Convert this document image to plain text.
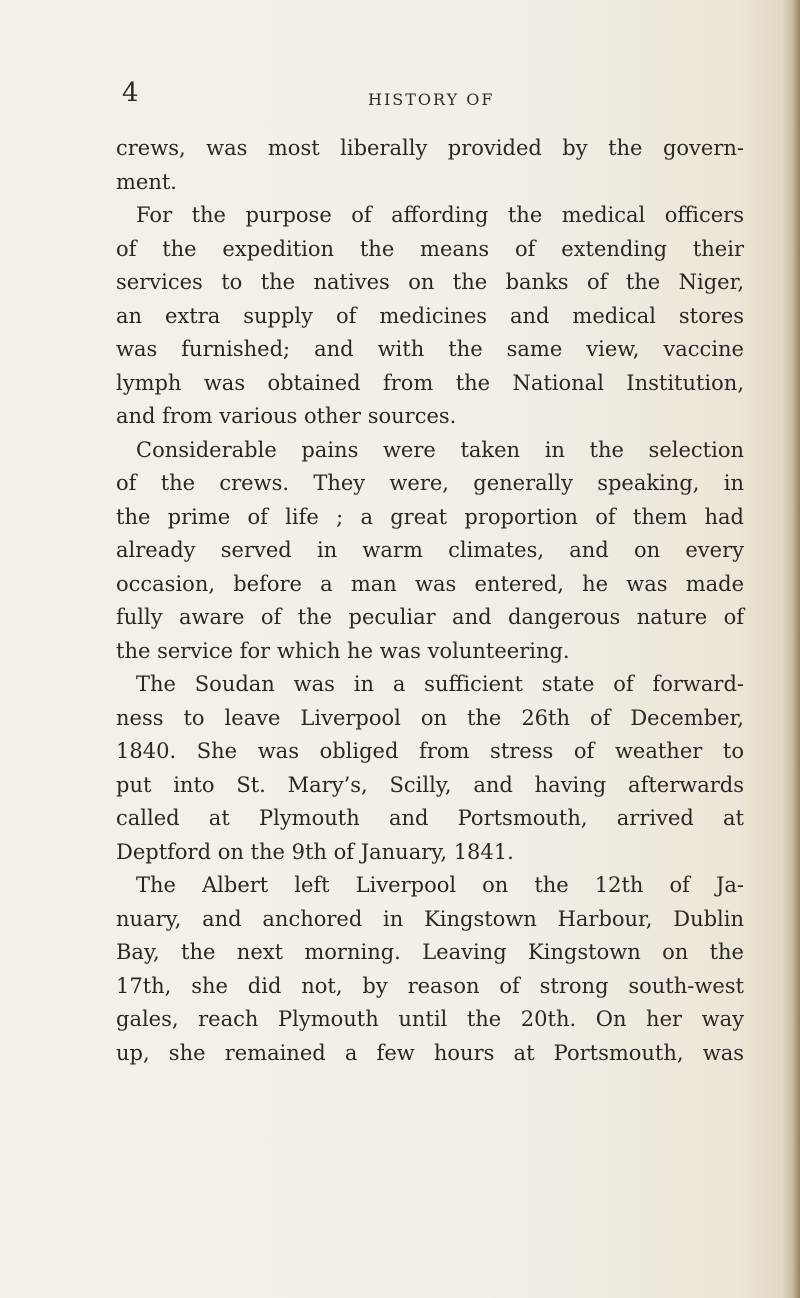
4	HISTORY OF
crews, was most liberally provided by the govern-
ment.
For the purpose of affording the medical officers
of the expedition the means of extending their
services to the natives on the banks of the Niger,
an extra supply of medicines and medical stores
was furnished; and with the same view, vaccine
lymph was obtained from the National Institution,
and from various other sources.
Considerable pains were taken in the selection
of the crews. They were, generally speaking, in
the prime of life ; a great proportion of them had
already served in warm climates, and on every
occasion, before a man was entered, he was made
fully aware of the peculiar and dangerous nature of
the service for which he was volunteering.
The Soudan was in a sufficient state of forward-
ness to leave Liverpool on the 26th of December,
1840. She was obliged from stress of weather to
put into St. Mary’s, Scilly, and having afterwards
called at Plymouth and Portsmouth, arrived at
Deptford on the 9th of January, 1841.
The Albert left Liverpool on the 12th of Ja-
nuary, and anchored in Kingstown Harbour, Dublin
Bay, the next morning. Leaving Kingstown on the
17th, she did not, by reason of strong south-west
gales, reach Plymouth until the 20th. On her way
up, she remained a few hours at Portsmouth, was
